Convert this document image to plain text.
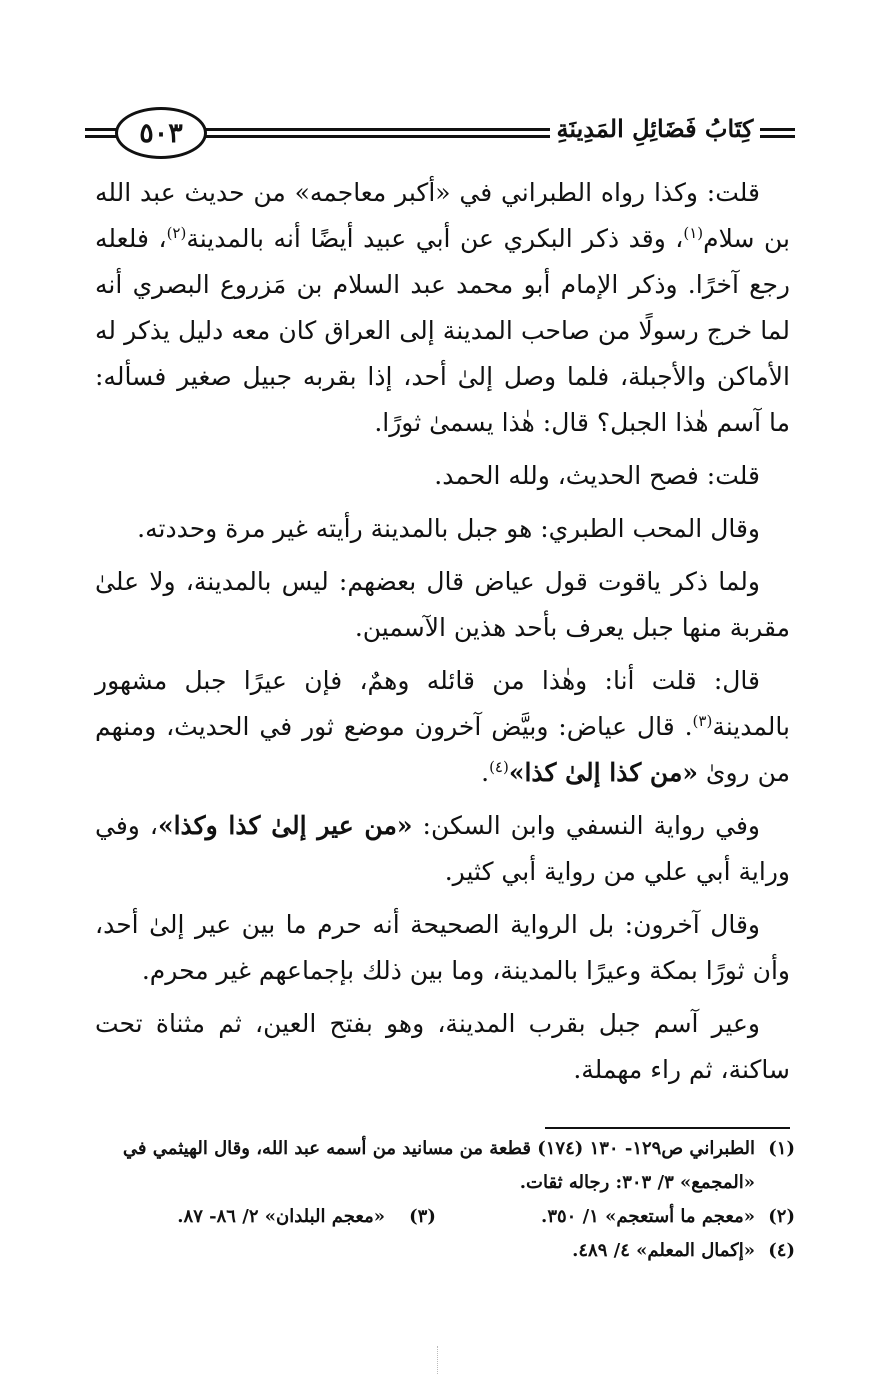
٥٠٣	كِتَابُ فَضَائِلِ المَدِينَةِ

قلت: وكذا رواه الطبراني في «أكبر معاجمه» من حديث عبد الله بن سلام$^{(١)}$، وقد ذكر البكري عن أبي عبيد أيضًا أنه بالمدينة$^{(٢)}$، فلعله رجع آخرًا. وذكر الإمام أبو محمد عبد السلام بن مَزروع البصري أنه لما خرج رسولًا من صاحب المدينة إلى العراق كان معه دليل يذكر له الأماكن والأجبلة، فلما وصل إلىٰ أحد، إذا بقربه جبيل صغير فسأله: ما آسم هٰذا الجبل؟ قال: هٰذا يسمىٰ ثورًا.

قلت: فصح الحديث، ولله الحمد.

وقال المحب الطبري: هو جبل بالمدينة رأيته غير مرة وحددته.

ولما ذكر ياقوت قول عياض قال بعضهم: ليس بالمدينة، ولا علىٰ مقربة منها جبل يعرف بأحد هذين الآسمين.

قال: قلت أنا: وهٰذا من قائله وهمٌ، فإن عيرًا جبل مشهور بالمدينة$^{(٣)}$. قال عياض: وبيَّض آخرون موضع ثور في الحديث، ومنهم من روىٰ «من كذا إلىٰ كذا»$^{(٤)}$.

وفي رواية النسفي وابن السكن: «من عير إلىٰ كذا وكذا»، وفي وراية أبي علي من رواية أبي كثير.

وقال آخرون: بل الرواية الصحيحة أنه حرم ما بين عير إلىٰ أحد، وأن ثورًا بمكة وعيرًا بالمدينة، وما بين ذلك بإجماعهم غير محرم.

وعير آسم جبل بقرب المدينة، وهو بفتح العين، ثم مثناة تحت ساكنة، ثم راء مهملة.

(١)
الطبراني ص١٢٩- ١٣٠ (١٧٤) قطعة من مسانيد من أسمه عبد الله، وقال الهيثمي في «المجمع» ٣/ ٣٠٣: رجاله ثقات.
(٢)
«معجم ما أستعجم» ١/ ٣٥٠.
(٣)
«معجم البلدان» ٢/ ٨٦- ٨٧.
(٤)
«إكمال المعلم» ٤/ ٤٨٩.
